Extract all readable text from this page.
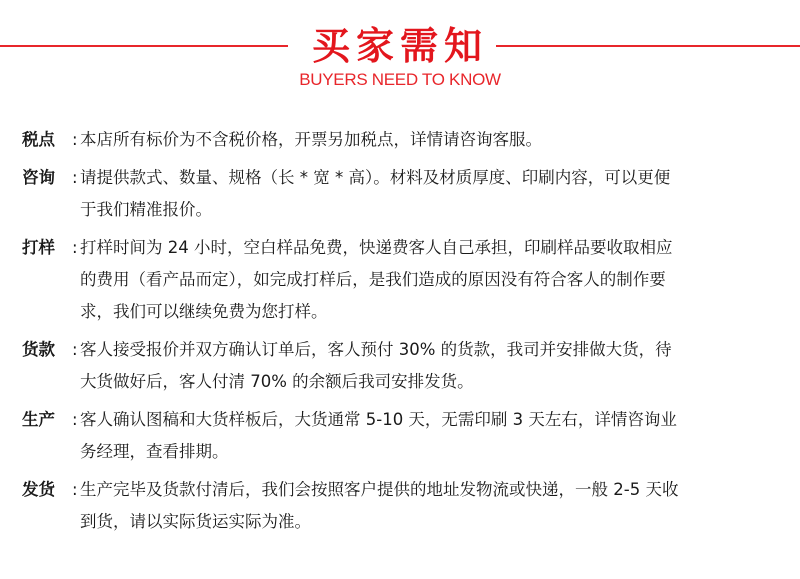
买家需知
BUYERS NEED TO KNOW
税点	: 本店所有标价为不含税价格，开票另加税点，详情请咨询客服。
咨询	: 请提供款式、数量、规格（长 * 宽 * 高）。材料及材质厚度、印刷内容，可以更便
于我们精准报价。
打样	: 打样时间为 24 小时，空白样品免费，快递费客人自己承担，印刷样品要收取相应
的费用（看产品而定），如完成打样后，是我们造成的原因没有符合客人的制作要
求，我们可以继续免费为您打样。
货款	: 客人接受报价并双方确认订单后，客人预付 30% 的货款，我司并安排做大货，待
大货做好后，客人付清 70% 的余额后我司安排发货。
生产	: 客人确认图稿和大货样板后，大货通常 5-10 天，无需印刷 3 天左右，详情咨询业
务经理，查看排期。
发货	: 生产完毕及货款付清后，我们会按照客户提供的地址发物流或快递，一般 2-5 天收
到货，请以实际货运实际为准。
